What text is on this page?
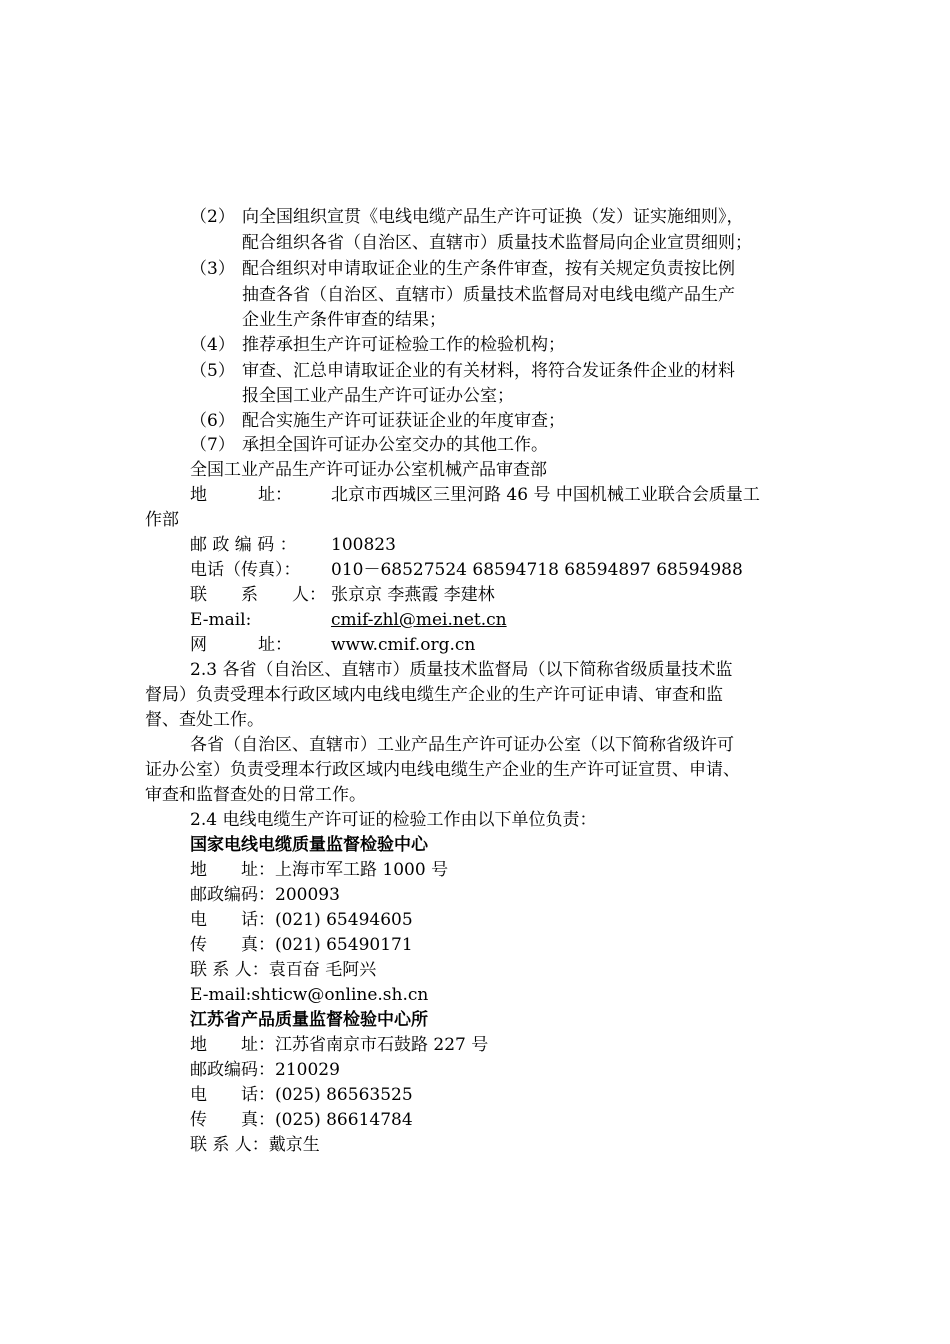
（2） 向全国组织宣贯《电线电缆产品生产许可证换（发）证实施细则》，
配合组织各省（自治区、直辖市）质量技术监督局向企业宣贯细则；
（3） 配合组织对申请取证企业的生产条件审查，按有关规定负责按比例
抽查各省（自治区、直辖市）质量技术监督局对电线电缆产品生产
企业生产条件审查的结果；
（4） 推荐承担生产许可证检验工作的检验机构；
（5） 审查、汇总申请取证企业的有关材料，将符合发证条件企业的材料
报全国工业产品生产许可证办公室；
（6） 配合实施生产许可证获证企业的年度审查；
（7） 承担全国许可证办公室交办的其他工作。
全国工业产品生产许可证办公室机械产品审查部
地　　　址： 北京市西城区三里河路 46 号 中国机械工业联合会质量工
作部
邮 政 编 码 ： 100823
电话（传真）： 010－68527524 68594718 68594897 68594988
联　　系　　人： 张京京 李燕霞 李建林
E-mail:	cmif-zhl@mei.net.cn
网　　　址： www.cmif.org.cn
2.3 各省（自治区、直辖市）质量技术监督局（以下简称省级质量技术监
督局）负责受理本行政区域内电线电缆生产企业的生产许可证申请、审查和监
督、查处工作。
各省（自治区、直辖市）工业产品生产许可证办公室（以下简称省级许可
证办公室）负责受理本行政区域内电线电缆生产企业的生产许可证宣贯、申请、
审查和监督查处的日常工作。
2.4 电线电缆生产许可证的检验工作由以下单位负责：
国家电线电缆质量监督检验中心
地　　址：上海市军工路 1000 号
邮政编码：200093
电　　话：(021) 65494605
传　　真：(021) 65490171
联 系 人：袁百奋 毛阿兴
E-mail:shticw@online.sh.cn
江苏省产品质量监督检验中心所
地　　址：江苏省南京市石鼓路 227 号
邮政编码：210029
电　　话：(025) 86563525
传　　真：(025) 86614784
联 系 人：戴京生
